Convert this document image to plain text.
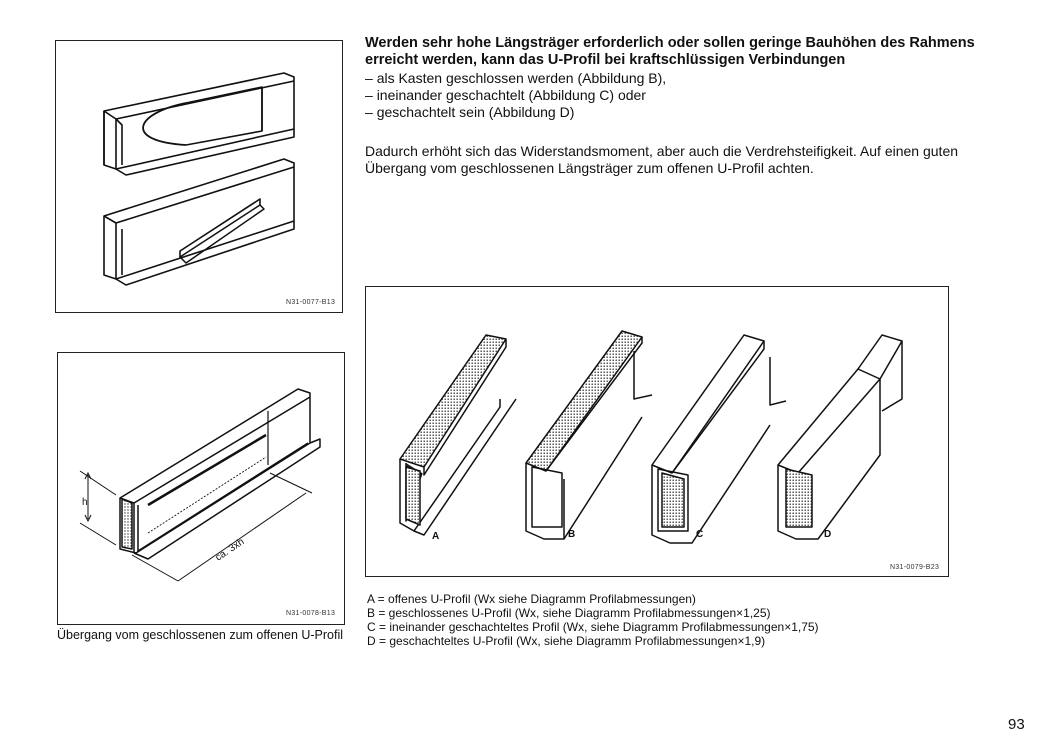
N31-0077-B13
h
ca. 3xh
N31-0078-B13
A	B	C	D
N31-0079-B23

Werden sehr hohe Längsträger erforderlich oder sollen geringe Bauhöhen des Rahmens erreicht werden, kann das U-Profil bei kraftschlüssigen Verbindungen

– als Kasten geschlossen werden (Abbildung B),
– ineinander geschachtelt (Abbildung C) oder
– geschachtelt sein (Abbildung D)

Dadurch erhöht sich das Widerstandsmoment, aber auch die Verdrehsteifigkeit. Auf einen guten Übergang vom geschlossenen Längsträger zum offenen U-Profil achten.

Übergang vom geschlossenen zum offenen U-Profil

A = offenes U-Profil (Wx siehe Diagramm Profilabmessungen)
B = geschlossenes U-Profil (Wx, siehe Diagramm Profilabmessungen×1,25)
C = ineinander geschachteltes Profil (Wx, siehe Diagramm Profilabmessungen×1,75)
D = geschachteltes U-Profil (Wx, siehe Diagramm Profilabmessungen×1,9)
93
